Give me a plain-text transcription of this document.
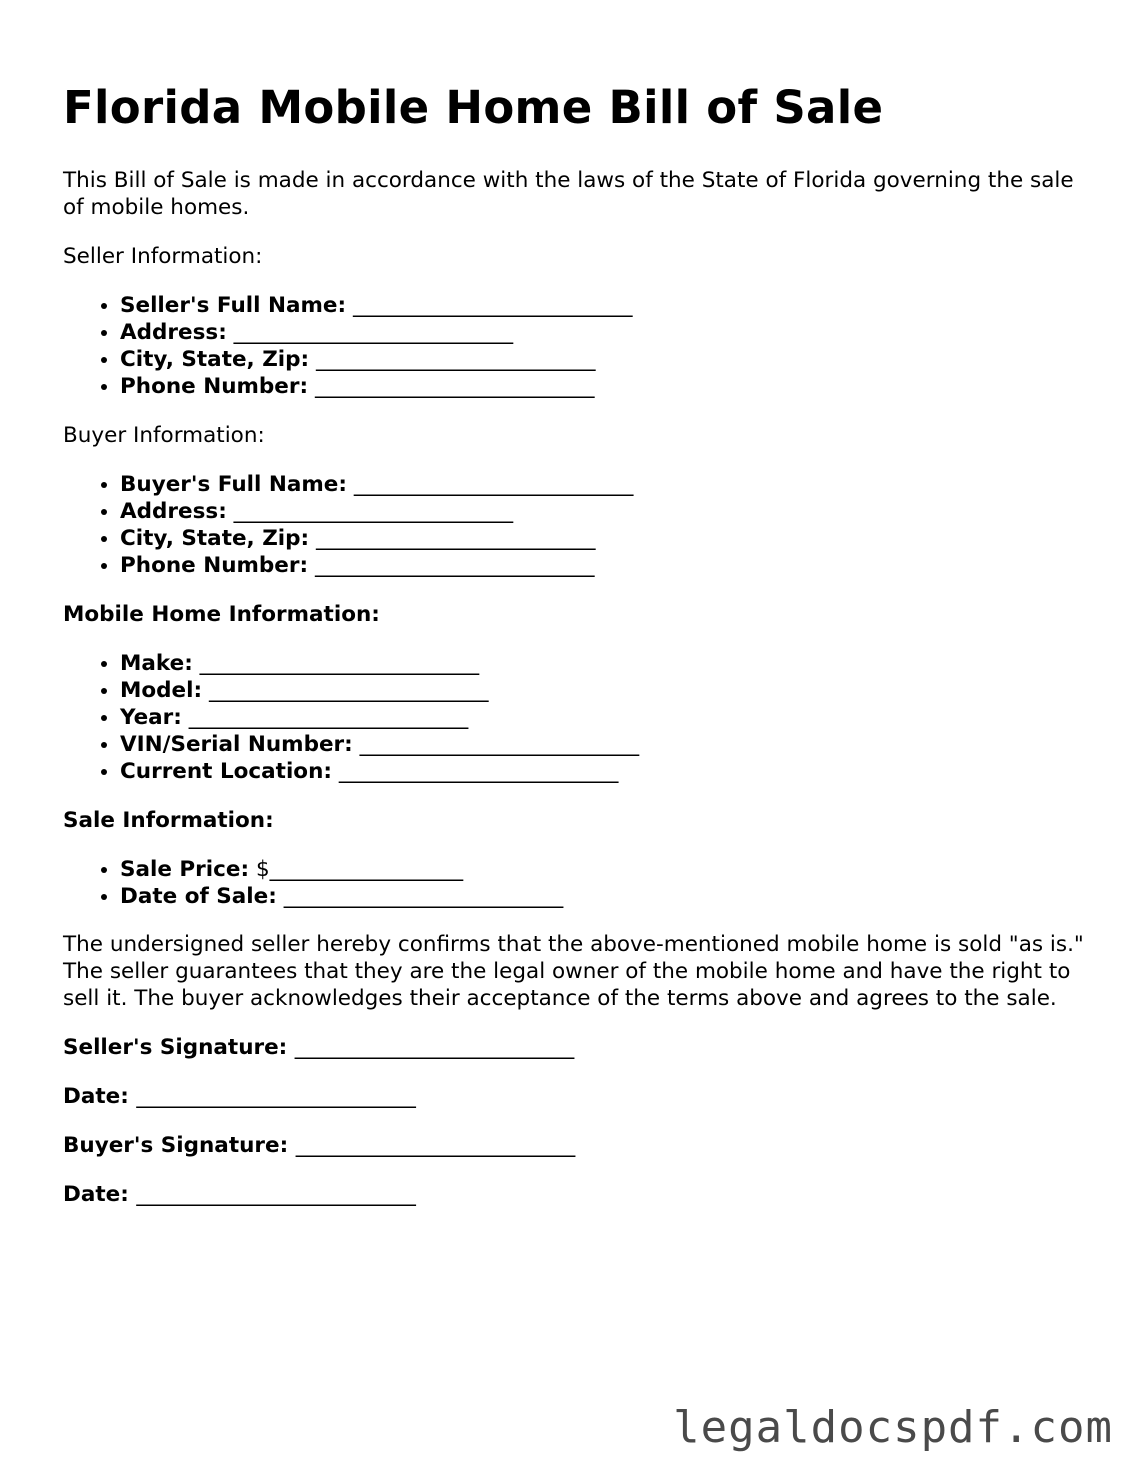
Florida Mobile Home Bill of Sale

This Bill of Sale is made in accordance with the laws of the State of Florida governing the sale of mobile homes.

Seller Information:

• Seller's Full Name: __________________________
• Address: __________________________
• City, State, Zip: __________________________
• Phone Number: __________________________

Buyer Information:

• Buyer's Full Name: __________________________
• Address: __________________________
• City, State, Zip: __________________________
• Phone Number: __________________________

Mobile Home Information:

• Make: __________________________
• Model: __________________________
• Year: __________________________
• VIN/Serial Number: __________________________
• Current Location: __________________________

Sale Information:

• Sale Price: $__________________
• Date of Sale: __________________________

The undersigned seller hereby confirms that the above-mentioned mobile home is sold "as is." The seller guarantees that they are the legal owner of the mobile home and have the right to sell it. The buyer acknowledges their acceptance of the terms above and agrees to the sale.

Seller's Signature: __________________________

Date: __________________________

Buyer's Signature: __________________________

Date: __________________________

legaldocspdf.com
